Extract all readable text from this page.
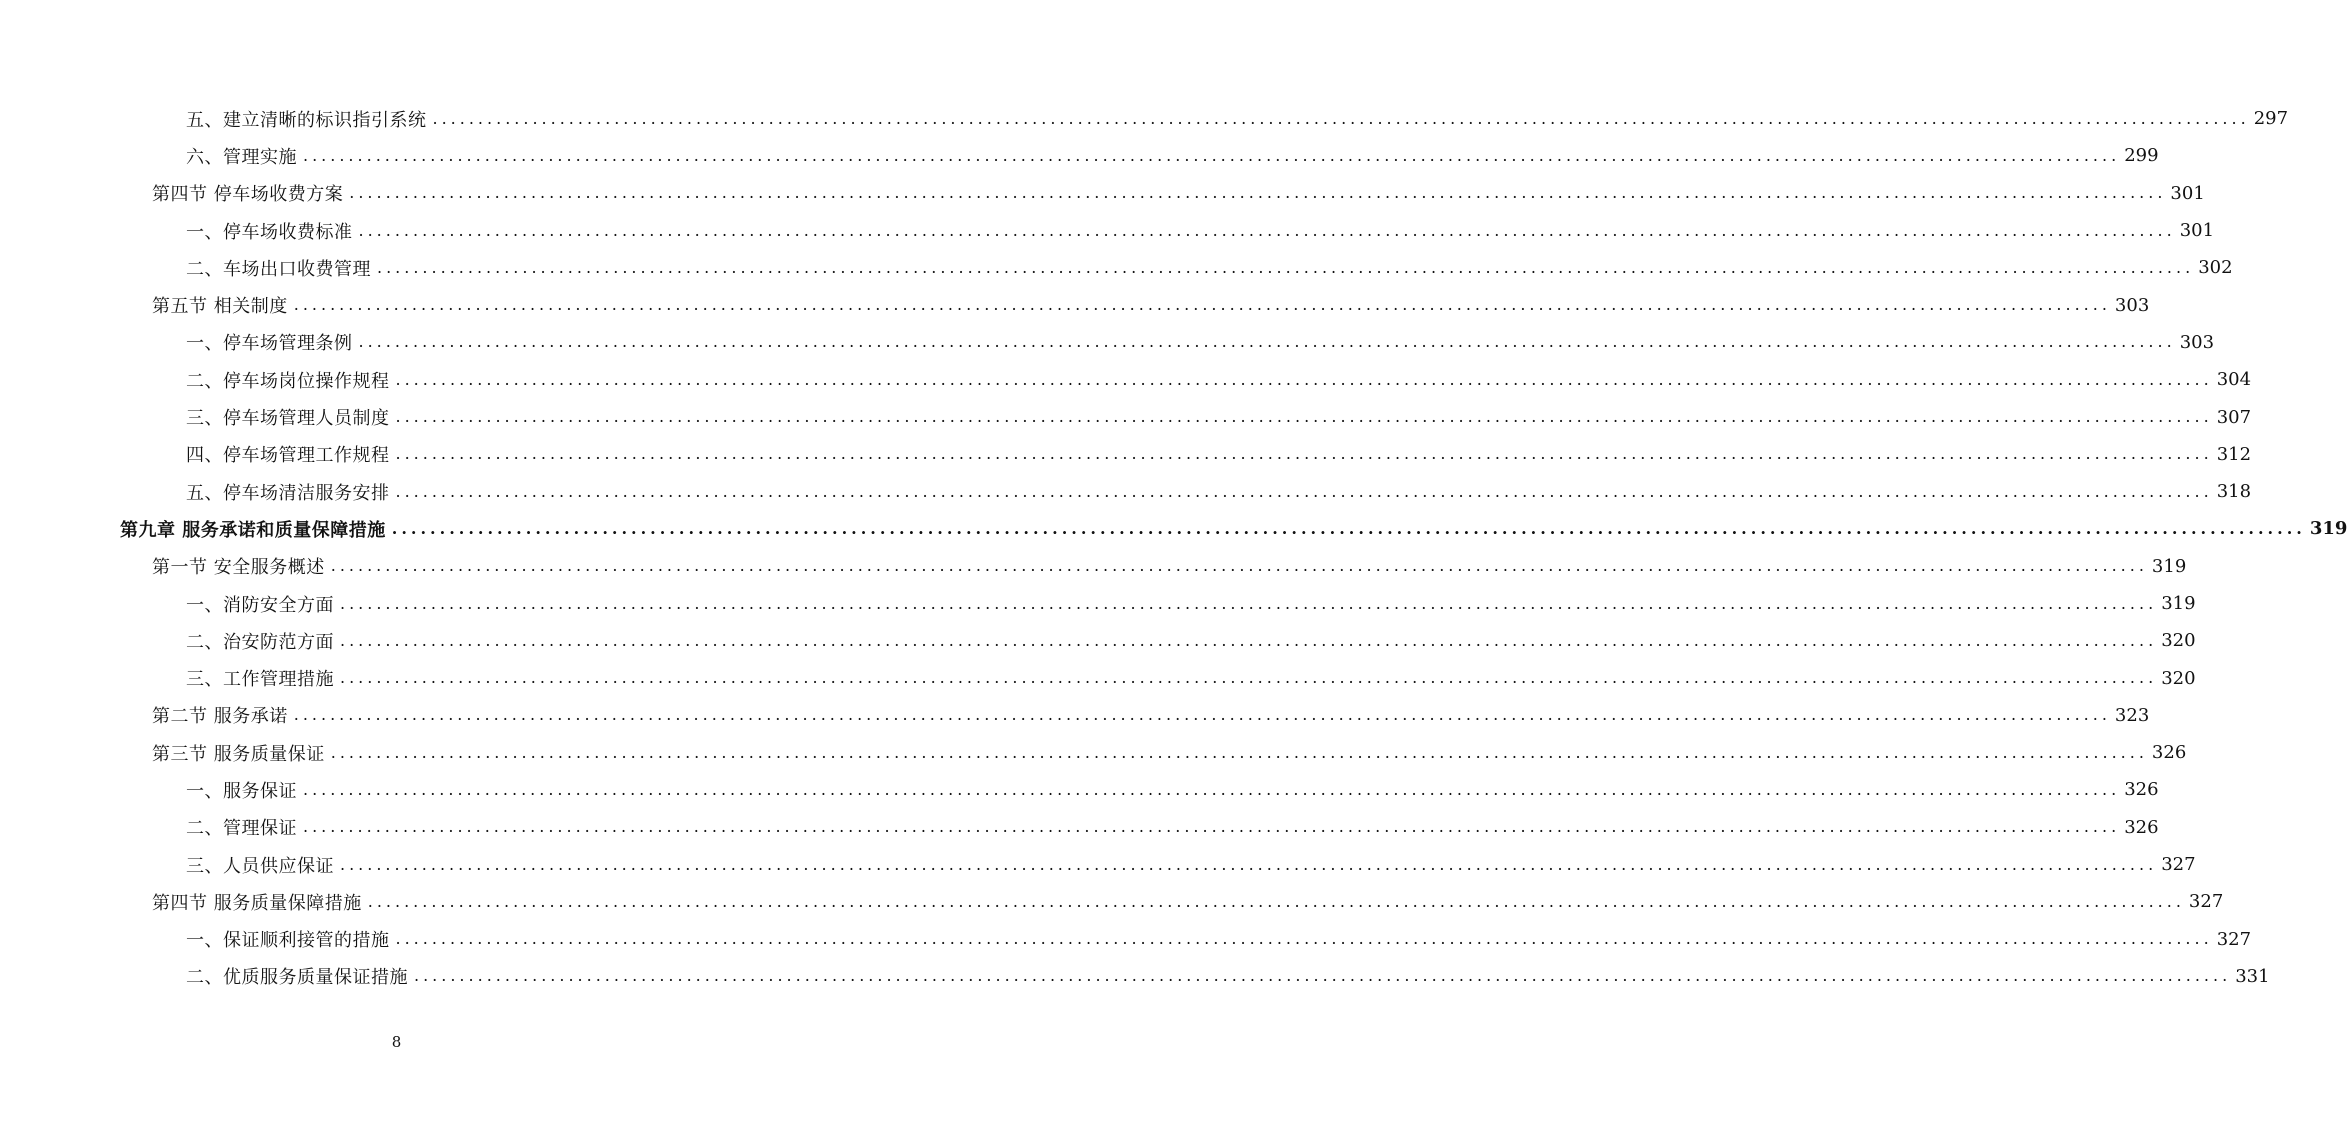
五、建立清晰的标识指引系统 ........................................................................................................................................................................................................ 297
六、管理实施 ........................................................................................................................................................................................................ 299
第四节 停车场收费方案 ........................................................................................................................................................................................................ 301
一、停车场收费标准 ........................................................................................................................................................................................................ 301
二、车场出口收费管理 ........................................................................................................................................................................................................ 302
第五节 相关制度 ........................................................................................................................................................................................................ 303
一、停车场管理条例 ........................................................................................................................................................................................................ 303
二、停车场岗位操作规程 ........................................................................................................................................................................................................ 304
三、停车场管理人员制度 ........................................................................................................................................................................................................ 307
四、停车场管理工作规程 ........................................................................................................................................................................................................ 312
五、停车场清洁服务安排 ........................................................................................................................................................................................................ 318
第九章 服务承诺和质量保障措施 ........................................................................................................................................................................................................ 319
第一节 安全服务概述 ........................................................................................................................................................................................................ 319
一、消防安全方面 ........................................................................................................................................................................................................ 319
二、治安防范方面 ........................................................................................................................................................................................................ 320
三、工作管理措施 ........................................................................................................................................................................................................ 320
第二节 服务承诺 ........................................................................................................................................................................................................ 323
第三节 服务质量保证 ........................................................................................................................................................................................................ 326
一、服务保证 ........................................................................................................................................................................................................ 326
二、管理保证 ........................................................................................................................................................................................................ 326
三、人员供应保证 ........................................................................................................................................................................................................ 327
第四节 服务质量保障措施 ........................................................................................................................................................................................................ 327
一、保证顺利接管的措施 ........................................................................................................................................................................................................ 327
二、优质服务质量保证措施 ........................................................................................................................................................................................................ 331
8
